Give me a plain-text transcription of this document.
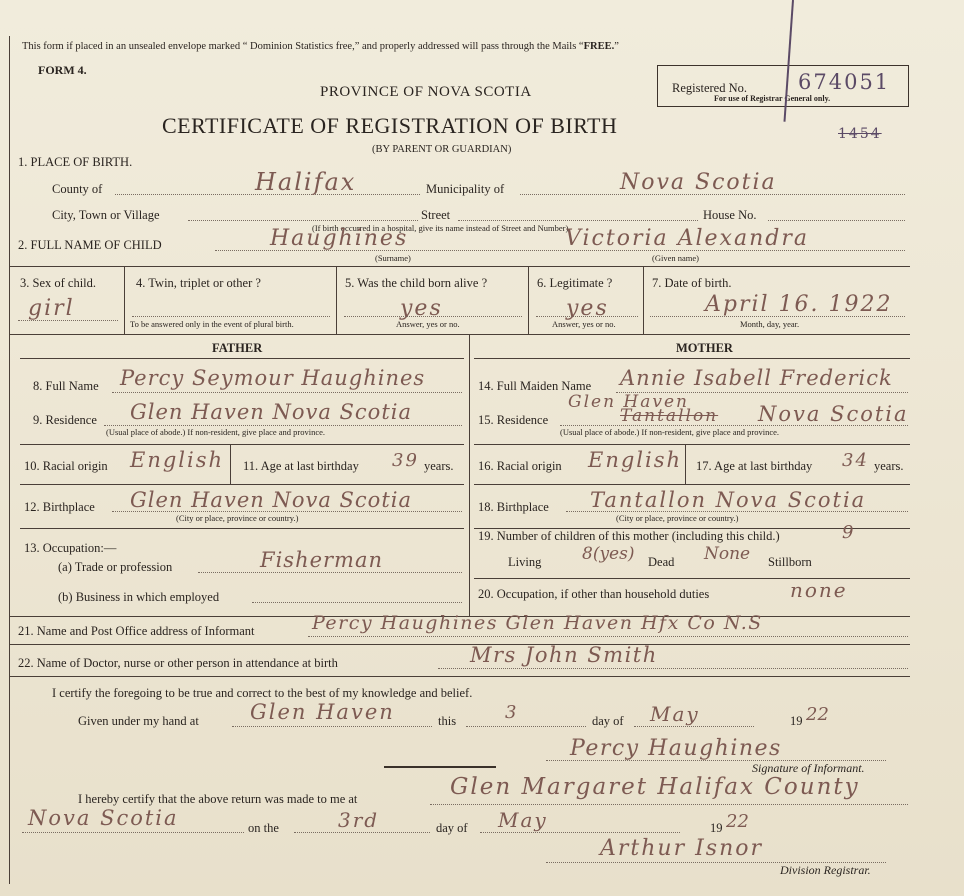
This form if placed in an unsealed envelope marked “ Dominion Statistics free,” and properly addressed will pass through the Mails “FREE.”
FORM 4.
PROVINCE OF NOVA SCOTIA	Registered No. 674051
For use of Registrar General only.
1454
CERTIFICATE OF REGISTRATION OF BIRTH
(BY PARENT OR GUARDIAN)
1. PLACE OF BIRTH.
County of	Halifax	Municipality of	Nova Scotia
City, Town or Village	Street	House No.
(If birth occurred in a hospital, give its name instead of Street and Number)
2. FULL NAME OF CHILD	Haughines	Victoria Alexandra
(Surname)	(Given name)
3. Sex of child.
girl
4. Twin, triplet or other ?
To be answered only in the event of plural birth.
5. Was the child born alive ?
yes
Answer, yes or no.
6. Legitimate ?
yes
Answer, yes or no.
7. Date of birth.
April 16. 1922
Month, day, year.
FATHER	MOTHER
8. Full Name Percy Seymour Haughines
9. Residence Glen Haven Nova Scotia
(Usual place of abode.) If non-resident, give place and province.
10. Racial origin English 11. Age at last birthday 39 years.
12. Birthplace Glen Haven Nova Scotia
(City or place, province or country.)
13. Occupation:—
(a) Trade or profession	Fisherman
(b) Business in which employed
14. Full Maiden Name Annie Isabell Frederick
15. Residence
Glen Haven
Tantallon Nova Scotia
(Usual place of abode.) If non-resident, give place and province.
16. Racial origin English 17. Age at last birthday 34 years.
18. Birthplace Tantallon Nova Scotia
(City or place, province or country.)
19. Number of children of this mother (including this child.)	9
Living 8(yes) Dead None Stillborn
20. Occupation, if other than household duties	none
21. Name and Post Office address of Informant	Percy Haughines Glen Haven Hfx Co N.S
22. Name of Doctor, nurse or other person in attendance at birth	Mrs John Smith
I certify the foregoing to be true and correct to the best of my knowledge and belief.
Given under my hand at Glen Haven	this	3	day of May	19 22
Percy Haughines
Signature of Informant.
I hereby certify that the above return was made to me at	Glen Margaret Halifax County
Nova Scotia	on the	3rd	day of May	19 22
Arthur Isnor
Division Registrar.
